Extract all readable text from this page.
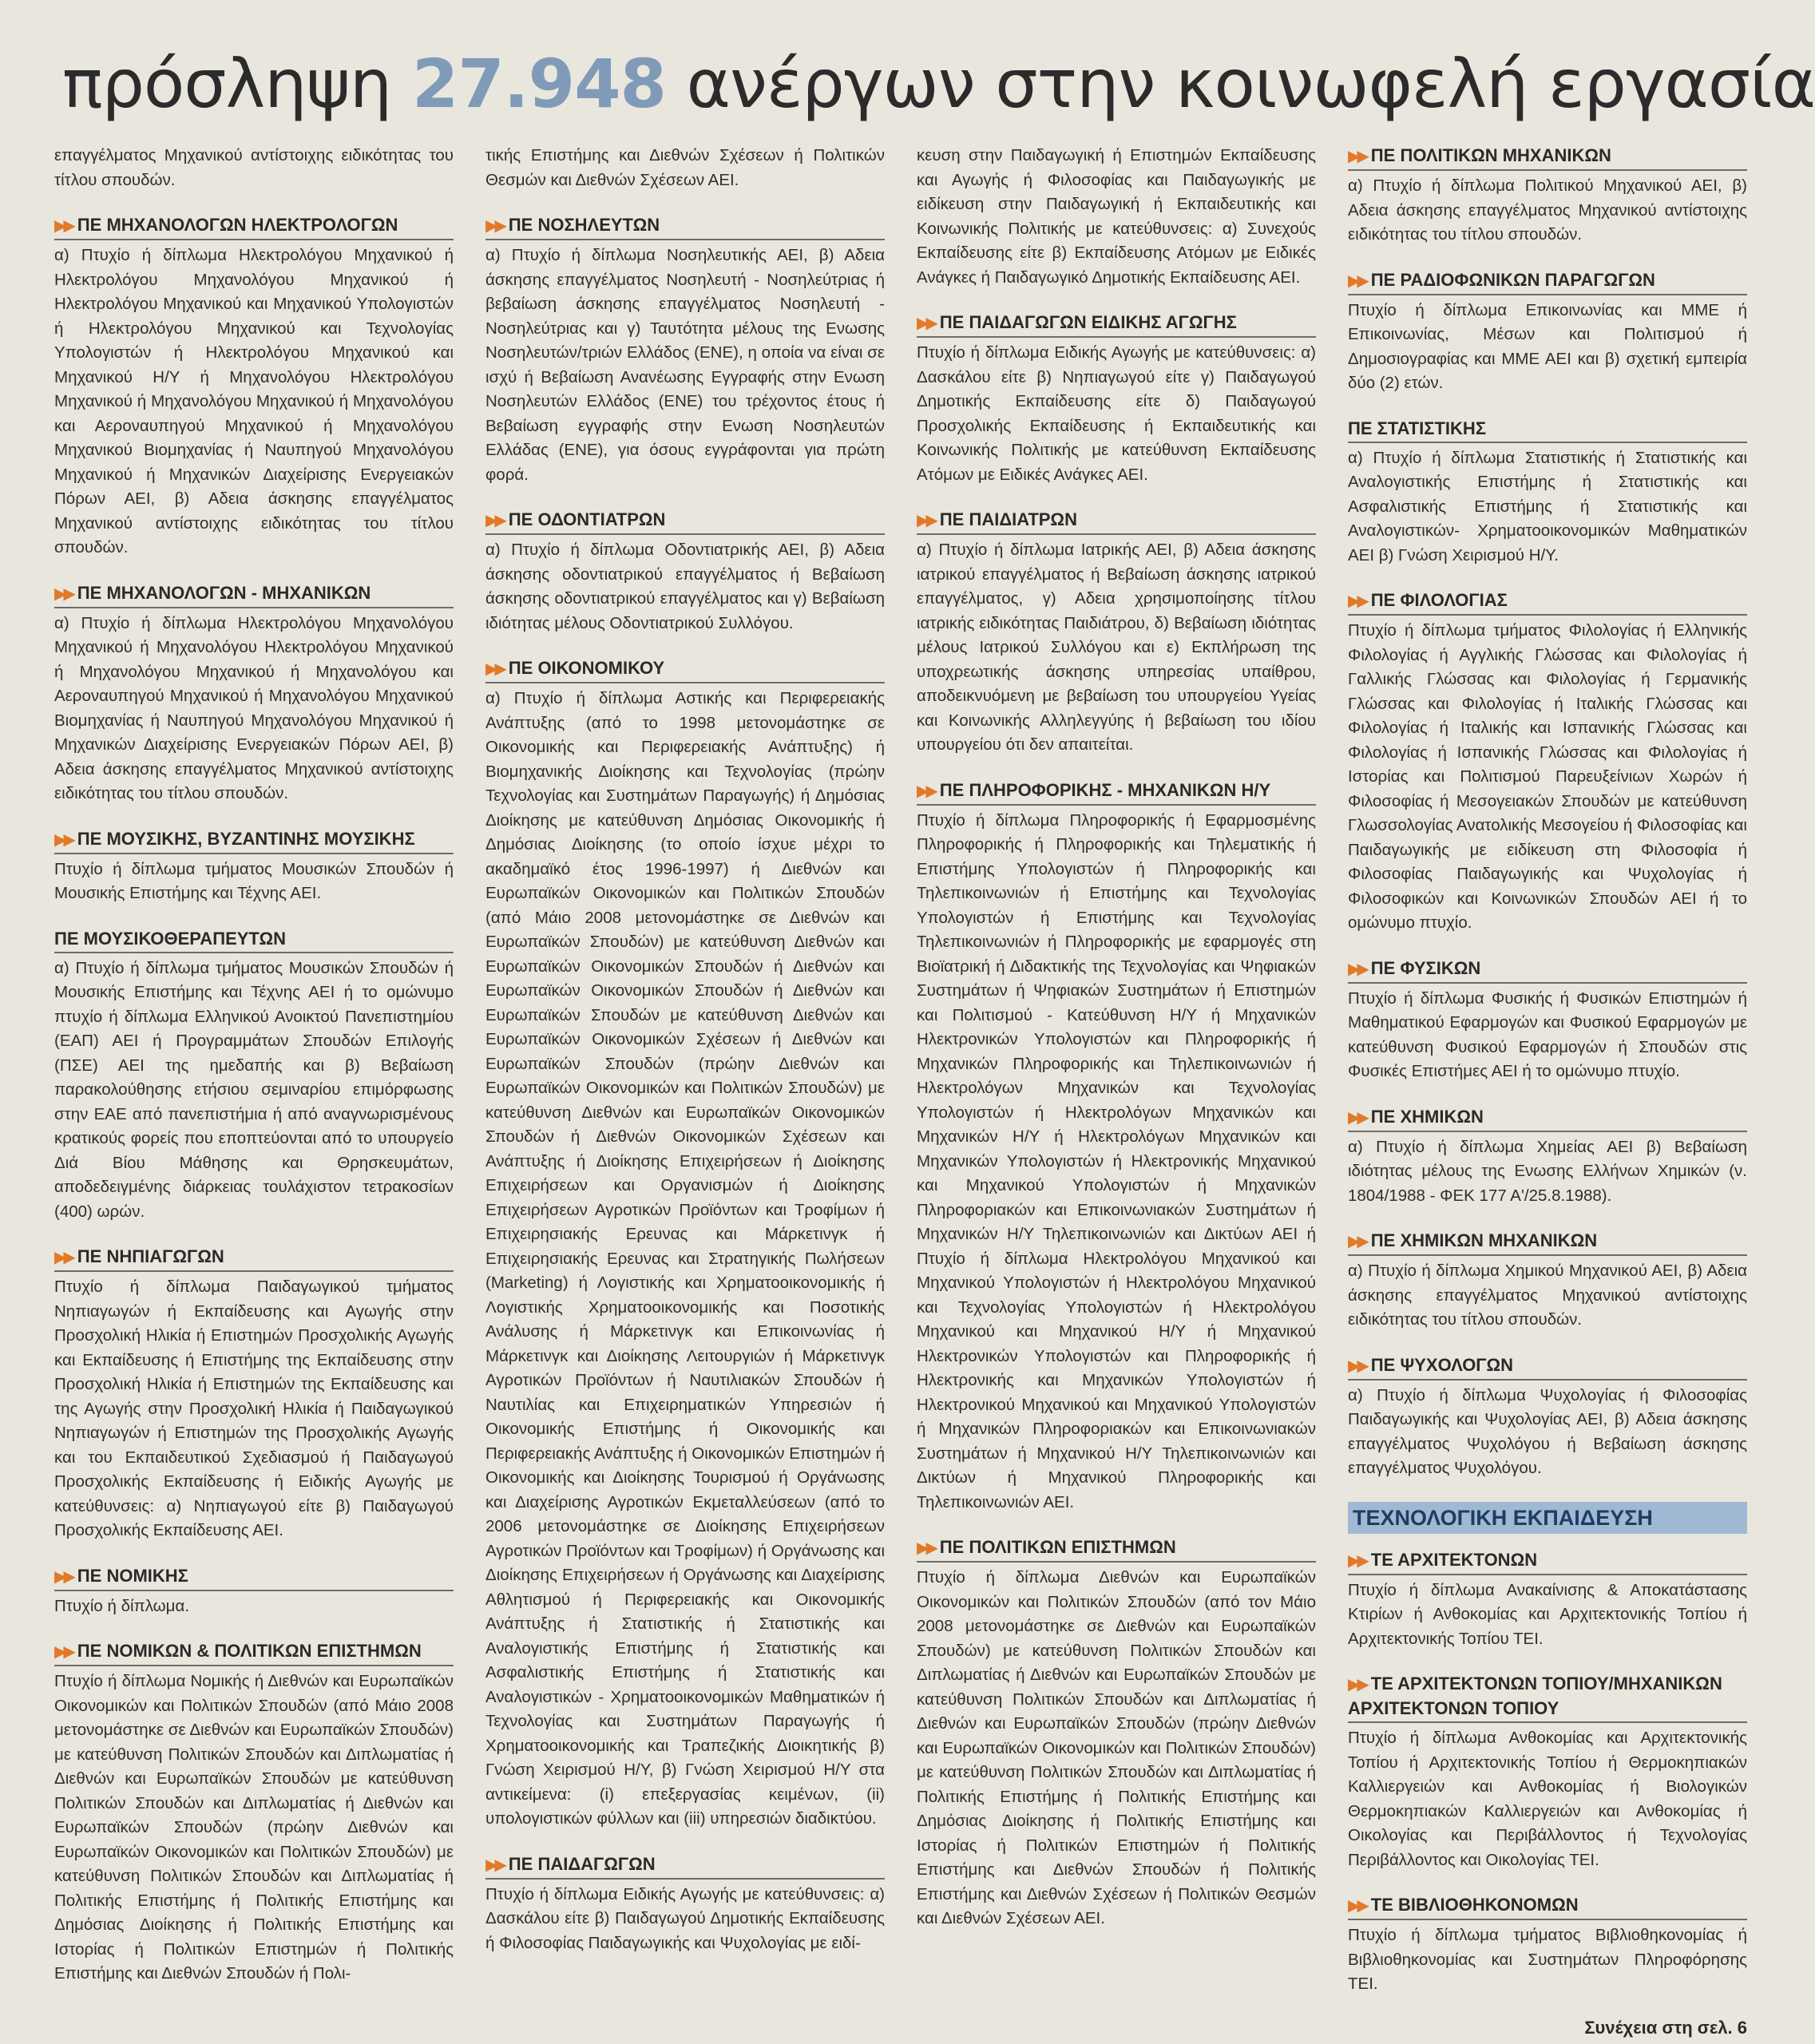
πρόσληψη 27.948 ανέργων στην κοινωφελή εργασία

επαγγέλματος Μηχανικού αντίστοιχης ειδικότητας του τίτλου σπουδών.

▶▶ ΠΕ ΜΗΧΑΝΟΛΟΓΩΝ ΗΛΕΚΤΡΟΛΟΓΩΝ

α) Πτυχίο ή δίπλωμα Ηλεκτρολόγου Μηχανικού ή Ηλεκτρολόγου Μηχανολόγου Μηχανικού ή Ηλεκτρολόγου Μηχανικού και Μηχανικού Υπολογιστών ή Ηλεκτρολόγου Μηχανικού και Τεχνολογίας Υπολογιστών ή Ηλεκτρολόγου Μηχανικού και Μηχανικού Η/Υ ή Μηχανολόγου Ηλεκτρολόγου Μηχανικού ή Μηχανολόγου Μηχανικού ή Μηχανολόγου και Αεροναυπηγού Μηχανικού ή Μηχανολόγου Μηχανικού Βιομηχανίας ή Ναυπηγού Μηχανολόγου Μηχανικού ή Μηχανικών Διαχείρισης Ενεργειακών Πόρων ΑΕΙ, β) Αδεια άσκησης επαγγέλματος Μηχανικού αντίστοιχης ειδικότητας του τίτλου σπουδών.

▶▶ ΠΕ ΜΗΧΑΝΟΛΟΓΩΝ - ΜΗΧΑΝΙΚΩΝ

α) Πτυχίο ή δίπλωμα Ηλεκτρολόγου Μηχανολόγου Μηχανικού ή Μηχανολόγου Ηλεκτρολόγου Μηχανικού ή Μηχανολόγου Μηχανικού ή Μηχανολόγου και Αεροναυπηγού Μηχανικού ή Μηχανολόγου Μηχανικού Βιομηχανίας ή Ναυπηγού Μηχανολόγου Μηχανικού ή Μηχανικών Διαχείρισης Ενεργειακών Πόρων ΑΕΙ, β) Αδεια άσκησης επαγγέλματος Μηχανικού αντίστοιχης ειδικότητας του τίτλου σπουδών.

▶▶ ΠΕ ΜΟΥΣΙΚΗΣ, ΒΥΖΑΝΤΙΝΗΣ ΜΟΥΣΙΚΗΣ

Πτυχίο ή δίπλωμα τμήματος Μουσικών Σπουδών ή Μουσικής Επιστήμης και Τέχνης ΑΕΙ.

ΠΕ ΜΟΥΣΙΚΟΘΕΡΑΠΕΥΤΩΝ

α) Πτυχίο ή δίπλωμα τμήματος Μουσικών Σπουδών ή Μουσικής Επιστήμης και Τέχνης ΑΕΙ ή το ομώνυμο πτυχίο ή δίπλωμα Ελληνικού Ανοικτού Πανεπιστημίου (ΕΑΠ) ΑΕΙ ή Προγραμμάτων Σπουδών Επιλογής (ΠΣΕ) ΑΕΙ της ημεδαπής και β) Βεβαίωση παρακολούθησης ετήσιου σεμιναρίου επιμόρφωσης στην ΕΑΕ από πανεπιστήμια ή από αναγνωρισμένους κρατικούς φορείς που εποπτεύονται από το υπουργείο Διά Βίου Μάθησης και Θρησκευμάτων, αποδεδειγμένης διάρκειας τουλάχιστον τετρακοσίων (400) ωρών.

▶▶ ΠΕ ΝΗΠΙΑΓΩΓΩΝ

Πτυχίο ή δίπλωμα Παιδαγωγικού τμήματος Νηπιαγωγών ή Εκπαίδευσης και Αγωγής στην Προσχολική Ηλικία ή Επιστημών Προσχολικής Αγωγής και Εκπαίδευσης ή Επιστήμης της Εκπαίδευσης στην Προσχολική Ηλικία ή Επιστημών της Εκπαίδευσης και της Αγωγής στην Προσχολική Ηλικία ή Παιδαγωγικού Νηπιαγωγών ή Επιστημών της Προσχολικής Αγωγής και του Εκπαιδευτικού Σχεδιασμού ή Παιδαγωγού Προσχολικής Εκπαίδευσης ή Ειδικής Αγωγής με κατεύθυνσεις: α) Νηπιαγωγού είτε β) Παιδαγωγού Προσχολικής Εκπαίδευσης ΑΕΙ.

▶▶ ΠΕ ΝΟΜΙΚΗΣ

Πτυχίο ή δίπλωμα.

▶▶ ΠΕ ΝΟΜΙΚΩΝ & ΠΟΛΙΤΙΚΩΝ ΕΠΙΣΤΗΜΩΝ

Πτυχίο ή δίπλωμα Νομικής ή Διεθνών και Ευρωπαϊκών Οικονομικών και Πολιτικών Σπουδών (από Μάιο 2008 μετονομάστηκε σε Διεθνών και Ευρωπαϊκών Σπουδών) με κατεύθυνση Πολιτικών Σπουδών και Διπλωματίας ή Διεθνών και Ευρωπαϊκών Σπουδών με κατεύθυνση Πολιτικών Σπουδών και Διπλωματίας ή Διεθνών και Ευρωπαϊκών Σπουδών (πρώην Διεθνών και Ευρωπαϊκών Οικονομικών και Πολιτικών Σπουδών) με κατεύθυνση Πολιτικών Σπουδών και Διπλωματίας ή Πολιτικής Επιστήμης ή Πολιτικής Επιστήμης και Δημόσιας Διοίκησης ή Πολιτικής Επιστήμης και Ιστορίας ή Πολιτικών Επιστημών ή Πολιτικής Επιστήμης και Διεθνών Σπουδών ή Πολι-

τικής Επιστήμης και Διεθνών Σχέσεων ή Πολιτικών Θεσμών και Διεθνών Σχέσεων ΑΕΙ.

▶▶ ΠΕ ΝΟΣΗΛΕΥΤΩΝ

α) Πτυχίο ή δίπλωμα Νοσηλευτικής ΑΕΙ, β) Αδεια άσκησης επαγγέλματος Νοσηλευτή - Νοσηλεύτριας ή βεβαίωση άσκησης επαγγέλματος Νοσηλευτή - Νοσηλεύτριας και γ) Ταυτότητα μέλους της Ενωσης Νοσηλευτών/τριών Ελλάδος (ΕΝΕ), η οποία να είναι σε ισχύ ή Βεβαίωση Ανανέωσης Εγγραφής στην Ενωση Νοσηλευτών Ελλάδος (ΕΝΕ) του τρέχοντος έτους ή Βεβαίωση εγγραφής στην Ενωση Νοσηλευτών Ελλάδας (ΕΝΕ), για όσους εγγράφονται για πρώτη φορά.

▶▶ ΠΕ ΟΔΟΝΤΙΑΤΡΩΝ

α) Πτυχίο ή δίπλωμα Οδοντιατρικής ΑΕΙ, β) Αδεια άσκησης οδοντιατρικού επαγγέλματος ή Βεβαίωση άσκησης οδοντιατρικού επαγγέλματος και γ) Βεβαίωση ιδιότητας μέλους Οδοντιατρικού Συλλόγου.

▶▶ ΠΕ ΟΙΚΟΝΟΜΙΚΟΥ

α) Πτυχίο ή δίπλωμα Αστικής και Περιφερειακής Ανάπτυξης (από το 1998 μετονομάστηκε σε Οικονομικής και Περιφερειακής Ανάπτυξης) ή Βιομηχανικής Διοίκησης και Τεχνολογίας (πρώην Τεχνολογίας και Συστημάτων Παραγωγής) ή Δημόσιας Διοίκησης με κατεύθυνση Δημόσιας Οικονομικής ή Δημόσιας Διοίκησης (το οποίο ίσχυε μέχρι το ακαδημαϊκό έτος 1996-1997) ή Διεθνών και Ευρωπαϊκών Οικονομικών και Πολιτικών Σπουδών (από Μάιο 2008 μετονομάστηκε σε Διεθνών και Ευρωπαϊκών Σπουδών) με κατεύθυνση Διεθνών και Ευρωπαϊκών Οικονομικών Σπουδών ή Διεθνών και Ευρωπαϊκών Οικονομικών Σπουδών ή Διεθνών και Ευρωπαϊκών Σπουδών με κατεύθυνση Διεθνών και Ευρωπαϊκών Οικονομικών Σχέσεων ή Διεθνών και Ευρωπαϊκών Σπουδών (πρώην Διεθνών και Ευρωπαϊκών Οικονομικών και Πολιτικών Σπουδών) με κατεύθυνση Διεθνών και Ευρωπαϊκών Οικονομικών Σπουδών ή Διεθνών Οικονομικών Σχέσεων και Ανάπτυξης ή Διοίκησης Επιχειρήσεων ή Διοίκησης Επιχειρήσεων και Οργανισμών ή Διοίκησης Επιχειρήσεων Αγροτικών Προϊόντων και Τροφίμων ή Επιχειρησιακής Ερευνας και Μάρκετινγκ ή Επιχειρησιακής Ερευνας και Στρατηγικής Πωλήσεων (Marketing) ή Λογιστικής και Χρηματοοικονομικής ή Λογιστικής Χρηματοοικονομικής και Ποσοτικής Ανάλυσης ή Μάρκετινγκ και Επικοινωνίας ή Μάρκετινγκ και Διοίκησης Λειτουργιών ή Μάρκετινγκ Αγροτικών Προϊόντων ή Ναυτιλιακών Σπουδών ή Ναυτιλίας και Επιχειρηματικών Υπηρεσιών ή Οικονομικής Επιστήμης ή Οικονομικής και Περιφερειακής Ανάπτυξης ή Οικονομικών Επιστημών ή Οικονομικής και Διοίκησης Τουρισμού ή Οργάνωσης και Διαχείρισης Αγροτικών Εκμεταλλεύσεων (από το 2006 μετονομάστηκε σε Διοίκησης Επιχειρήσεων Αγροτικών Προϊόντων και Τροφίμων) ή Οργάνωσης και Διοίκησης Επιχειρήσεων ή Οργάνωσης και Διαχείρισης Αθλητισμού ή Περιφερειακής και Οικονομικής Ανάπτυξης ή Στατιστικής ή Στατιστικής και Αναλογιστικής Επιστήμης ή Στατιστικής και Ασφαλιστικής Επιστήμης ή Στατιστικής και Αναλογιστικών - Χρηματοοικονομικών Μαθηματικών ή Τεχνολογίας και Συστημάτων Παραγωγής ή Χρηματοοικονομικής και Τραπεζικής Διοικητικής β) Γνώση Χειρισμού Η/Υ, β) Γνώση Χειρισμού Η/Υ στα αντικείμενα: (i) επεξεργασίας κειμένων, (ii) υπολογιστικών φύλλων και (iii) υπηρεσιών διαδικτύου.

▶▶ ΠΕ ΠΑΙΔΑΓΩΓΩΝ

Πτυχίο ή δίπλωμα Ειδικής Αγωγής με κατεύθυνσεις: α) Δασκάλου είτε β) Παιδαγωγού Δημοτικής Εκπαίδευσης ή Φιλοσοφίας Παιδαγωγικής και Ψυχολογίας με ειδί-

κευση στην Παιδαγωγική ή Επιστημών Εκπαίδευσης και Αγωγής ή Φιλοσοφίας και Παιδαγωγικής με ειδίκευση στην Παιδαγωγική ή Εκπαιδευτικής και Κοινωνικής Πολιτικής με κατεύθυνσεις: α) Συνεχούς Εκπαίδευσης είτε β) Εκπαίδευσης Ατόμων με Ειδικές Ανάγκες ή Παιδαγωγικό Δημοτικής Εκπαίδευσης ΑΕΙ.

▶▶ ΠΕ ΠΑΙΔΑΓΩΓΩΝ ΕΙΔΙΚΗΣ ΑΓΩΓΗΣ

Πτυχίο ή δίπλωμα Ειδικής Αγωγής με κατεύθυνσεις: α) Δασκάλου είτε β) Νηπιαγωγού είτε γ) Παιδαγωγού Δημοτικής Εκπαίδευσης είτε δ) Παιδαγωγού Προσχολικής Εκπαίδευσης ή Εκπαιδευτικής και Κοινωνικής Πολιτικής με κατεύθυνση Εκπαίδευσης Ατόμων με Ειδικές Ανάγκες ΑΕΙ.

▶▶ ΠΕ ΠΑΙΔΙΑΤΡΩΝ

α) Πτυχίο ή δίπλωμα Ιατρικής ΑΕΙ, β) Αδεια άσκησης ιατρικού επαγγέλματος ή Βεβαίωση άσκησης ιατρικού επαγγέλματος, γ) Αδεια χρησιμοποίησης τίτλου ιατρικής ειδικότητας Παιδιάτρου, δ) Βεβαίωση ιδιότητας μέλους Ιατρικού Συλλόγου και ε) Εκπλήρωση της υποχρεωτικής άσκησης υπηρεσίας υπαίθρου, αποδεικνυόμενη με βεβαίωση του υπουργείου Υγείας και Κοινωνικής Αλληλεγγύης ή βεβαίωση του ιδίου υπουργείου ότι δεν απαιτείται.

▶▶ ΠΕ ΠΛΗΡΟΦΟΡΙΚΗΣ - ΜΗΧΑΝΙΚΩΝ Η/Υ

Πτυχίο ή δίπλωμα Πληροφορικής ή Εφαρμοσμένης Πληροφορικής ή Πληροφορικής και Τηλεματικής ή Επιστήμης Υπολογιστών ή Πληροφορικής και Τηλεπικοινωνιών ή Επιστήμης και Τεχνολογίας Υπολογιστών ή Επιστήμης και Τεχνολογίας Τηλεπικοινωνιών ή Πληροφορικής με εφαρμογές στη Βιοϊατρική ή Διδακτικής της Τεχνολογίας και Ψηφιακών Συστημάτων ή Ψηφιακών Συστημάτων ή Επιστημών και Πολιτισμού - Κατεύθυνση Η/Υ ή Μηχανικών Ηλεκτρονικών Υπολογιστών και Πληροφορικής ή Μηχανικών Πληροφορικής και Τηλεπικοινωνιών ή Ηλεκτρολόγων Μηχανικών και Τεχνολογίας Υπολογιστών ή Ηλεκτρολόγων Μηχανικών και Μηχανικών Η/Υ ή Ηλεκτρολόγων Μηχανικών και Μηχανικών Υπολογιστών ή Ηλεκτρονικής Μηχανικού και Μηχανικού Υπολογιστών ή Μηχανικών Πληροφοριακών και Επικοινωνιακών Συστημάτων ή Μηχανικών Η/Υ Τηλεπικοινωνιών και Δικτύων ΑΕΙ ή Πτυχίο ή δίπλωμα Ηλεκτρολόγου Μηχανικού και Μηχανικού Υπολογιστών ή Ηλεκτρολόγου Μηχανικού και Τεχνολογίας Υπολογιστών ή Ηλεκτρολόγου Μηχανικού και Μηχανικού Η/Υ ή Μηχανικού Ηλεκτρονικών Υπολογιστών και Πληροφορικής ή Ηλεκτρονικής και Μηχανικών Υπολογιστών ή Ηλεκτρονικού Μηχανικού και Μηχανικού Υπολογιστών ή Μηχανικών Πληροφοριακών και Επικοινωνιακών Συστημάτων ή Μηχανικού Η/Υ Τηλεπικοινωνιών και Δικτύων ή Μηχανικού Πληροφορικής και Τηλεπικοινωνιών ΑΕΙ.

▶▶ ΠΕ ΠΟΛΙΤΙΚΩΝ ΕΠΙΣΤΗΜΩΝ

Πτυχίο ή δίπλωμα Διεθνών και Ευρωπαϊκών Οικονομικών και Πολιτικών Σπουδών (από τον Μάιο 2008 μετονομάστηκε σε Διεθνών και Ευρωπαϊκών Σπουδών) με κατεύθυνση Πολιτικών Σπουδών και Διπλωματίας ή Διεθνών και Ευρωπαϊκών Σπουδών με κατεύθυνση Πολιτικών Σπουδών και Διπλωματίας ή Διεθνών και Ευρωπαϊκών Σπουδών (πρώην Διεθνών και Ευρωπαϊκών Οικονομικών και Πολιτικών Σπουδών) με κατεύθυνση Πολιτικών Σπουδών και Διπλωματίας ή Πολιτικής Επιστήμης ή Πολιτικής Επιστήμης και Δημόσιας Διοίκησης ή Πολιτικής Επιστήμης και Ιστορίας ή Πολιτικών Επιστημών ή Πολιτικής Επιστήμης και Διεθνών Σπουδών ή Πολιτικής Επιστήμης και Διεθνών Σχέσεων ή Πολιτικών Θεσμών και Διεθνών Σχέσεων ΑΕΙ.

▶▶ ΠΕ ΠΟΛΙΤΙΚΩΝ ΜΗΧΑΝΙΚΩΝ

α) Πτυχίο ή δίπλωμα Πολιτικού Μηχανικού ΑΕΙ, β) Αδεια άσκησης επαγγέλματος Μηχανικού αντίστοιχης ειδικότητας του τίτλου σπουδών.

▶▶ ΠΕ ΡΑΔΙΟΦΩΝΙΚΩΝ ΠΑΡΑΓΩΓΩΝ

Πτυχίο ή δίπλωμα Επικοινωνίας και ΜΜΕ ή Επικοινωνίας, Μέσων και Πολιτισμού ή Δημοσιογραφίας και ΜΜΕ ΑΕΙ και β) σχετική εμπειρία δύο (2) ετών.

ΠΕ ΣΤΑΤΙΣΤΙΚΗΣ

α) Πτυχίο ή δίπλωμα Στατιστικής ή Στατιστικής και Αναλογιστικής Επιστήμης ή Στατιστικής και Ασφαλιστικής Επιστήμης ή Στατιστικής και Αναλογιστικών- Χρηματοοικονομικών Μαθηματικών ΑΕΙ β) Γνώση Χειρισμού Η/Υ.

▶▶ ΠΕ ΦΙΛΟΛΟΓΙΑΣ

Πτυχίο ή δίπλωμα τμήματος Φιλολογίας ή Ελληνικής Φιλολογίας ή Αγγλικής Γλώσσας και Φιλολογίας ή Γαλλικής Γλώσσας και Φιλολογίας ή Γερμανικής Γλώσσας και Φιλολογίας ή Ιταλικής Γλώσσας και Φιλολογίας ή Ιταλικής και Ισπανικής Γλώσσας και Φιλολογίας ή Ισπανικής Γλώσσας και Φιλολογίας ή Ιστορίας και Πολιτισμού Παρευξείνιων Χωρών ή Φιλοσοφίας ή Μεσογειακών Σπουδών με κατεύθυνση Γλωσσολογίας Ανατολικής Μεσογείου ή Φιλοσοφίας και Παιδαγωγικής με ειδίκευση στη Φιλοσοφία ή Φιλοσοφίας Παιδαγωγικής και Ψυχολογίας ή Φιλοσοφικών και Κοινωνικών Σπουδών ΑΕΙ ή το ομώνυμο πτυχίο.

▶▶ ΠΕ ΦΥΣΙΚΩΝ

Πτυχίο ή δίπλωμα Φυσικής ή Φυσικών Επιστημών ή Μαθηματικού Εφαρμογών και Φυσικού Εφαρμογών με κατεύθυνση Φυσικού Εφαρμογών ή Σπουδών στις Φυσικές Επιστήμες ΑΕΙ ή το ομώνυμο πτυχίο.

▶▶ ΠΕ ΧΗΜΙΚΩΝ

α) Πτυχίο ή δίπλωμα Χημείας ΑΕΙ β) Βεβαίωση ιδιότητας μέλους της Ενωσης Ελλήνων Χημικών (ν. 1804/1988 - ΦΕΚ 177 Α'/25.8.1988).

▶▶ ΠΕ ΧΗΜΙΚΩΝ ΜΗΧΑΝΙΚΩΝ

α) Πτυχίο ή δίπλωμα Χημικού Μηχανικού ΑΕΙ, β) Αδεια άσκησης επαγγέλματος Μηχανικού αντίστοιχης ειδικότητας του τίτλου σπουδών.

▶▶ ΠΕ ΨΥΧΟΛΟΓΩΝ

α) Πτυχίο ή δίπλωμα Ψυχολογίας ή Φιλοσοφίας Παιδαγωγικής και Ψυχολογίας ΑΕΙ, β) Αδεια άσκησης επαγγέλματος Ψυχολόγου ή Βεβαίωση άσκησης επαγγέλματος Ψυχολόγου.

ΤΕΧΝΟΛΟΓΙΚΗ ΕΚΠΑΙΔΕΥΣΗ
▶▶ ΤΕ ΑΡΧΙΤΕΚΤΟΝΩΝ

Πτυχίο ή δίπλωμα Ανακαίνισης & Αποκατάστασης Κτιρίων ή Ανθοκομίας και Αρχιτεκτονικής Τοπίου ή Αρχιτεκτονικής Τοπίου ΤΕΙ.

▶▶ ΤΕ ΑΡΧΙΤΕΚΤΟΝΩΝ ΤΟΠΙΟΥ/ΜΗΧΑΝΙΚΩΝ ΑΡΧΙΤΕΚΤΟΝΩΝ ΤΟΠΙΟΥ

Πτυχίο ή δίπλωμα Ανθοκομίας και Αρχιτεκτονικής Τοπίου ή Αρχιτεκτονικής Τοπίου ή Θερμοκηπιακών Καλλιεργειών και Ανθοκομίας ή Βιολογικών Θερμοκηπιακών Καλλιεργειών και Ανθοκομίας ή Οικολογίας και Περιβάλλοντος ή Τεχνολογίας Περιβάλλοντος και Οικολογίας ΤΕΙ.

▶▶ ΤΕ ΒΙΒΛΙΟΘΗΚΟΝΟΜΩΝ

Πτυχίο ή δίπλωμα τμήματος Βιβλιοθηκονομίας ή Βιβλιοθηκονομίας και Συστημάτων Πληροφόρησης ΤΕΙ.

Συνέχεια στη σελ. 6
